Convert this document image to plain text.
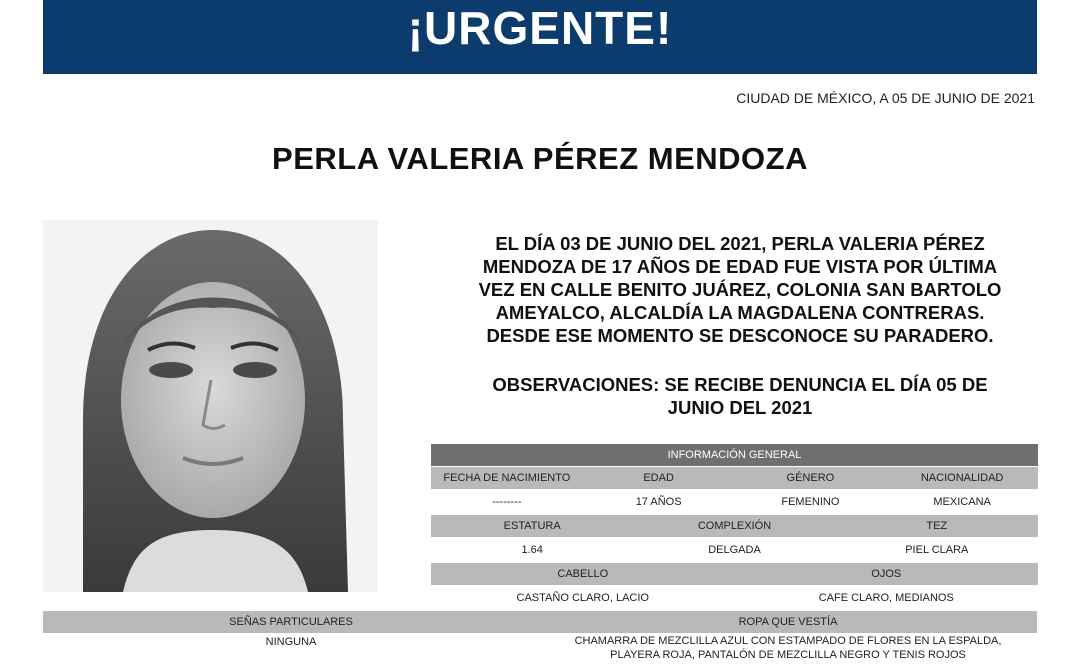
¡URGENTE!
CIUDAD DE MÉXICO, A 05 DE JUNIO DE 2021
PERLA VALERIA PÉREZ MENDOZA
EL DÍA 03 DE JUNIO DEL 2021, PERLA VALERIA PÉREZ
MENDOZA DE 17 AÑOS DE EDAD FUE VISTA POR ÚLTIMA
VEZ EN CALLE BENITO JUÁREZ, COLONIA SAN BARTOLO
AMEYALCO, ALCALDÍA LA MAGDALENA CONTRERAS.
DESDE ESE MOMENTO SE DESCONOCE SU PARADERO.
OBSERVACIONES: SE RECIBE DENUNCIA EL DÍA 05 DE
JUNIO DEL 2021
INFORMACIÓN GENERAL
FECHA DE NACIMIENTO	EDAD	GÉNERO	NACIONALIDAD
--------	17 AÑOS	FEMENINO	MEXICANA
ESTATURA	COMPLEXIÓN	TEZ
1.64	DELGADA	PIEL CLARA
CABELLO	OJOS
CASTAÑO CLARO, LACIO	CAFE CLARO, MEDIANOS
SEÑAS PARTICULARES	ROPA QUE VESTÍA
NINGUNA	CHAMARRA DE MEZCLILLA AZUL CON ESTAMPADO DE FLORES EN LA ESPALDA,
PLAYERA ROJA, PANTALÓN DE MEZCLILLA NEGRO Y TENIS ROJOS
